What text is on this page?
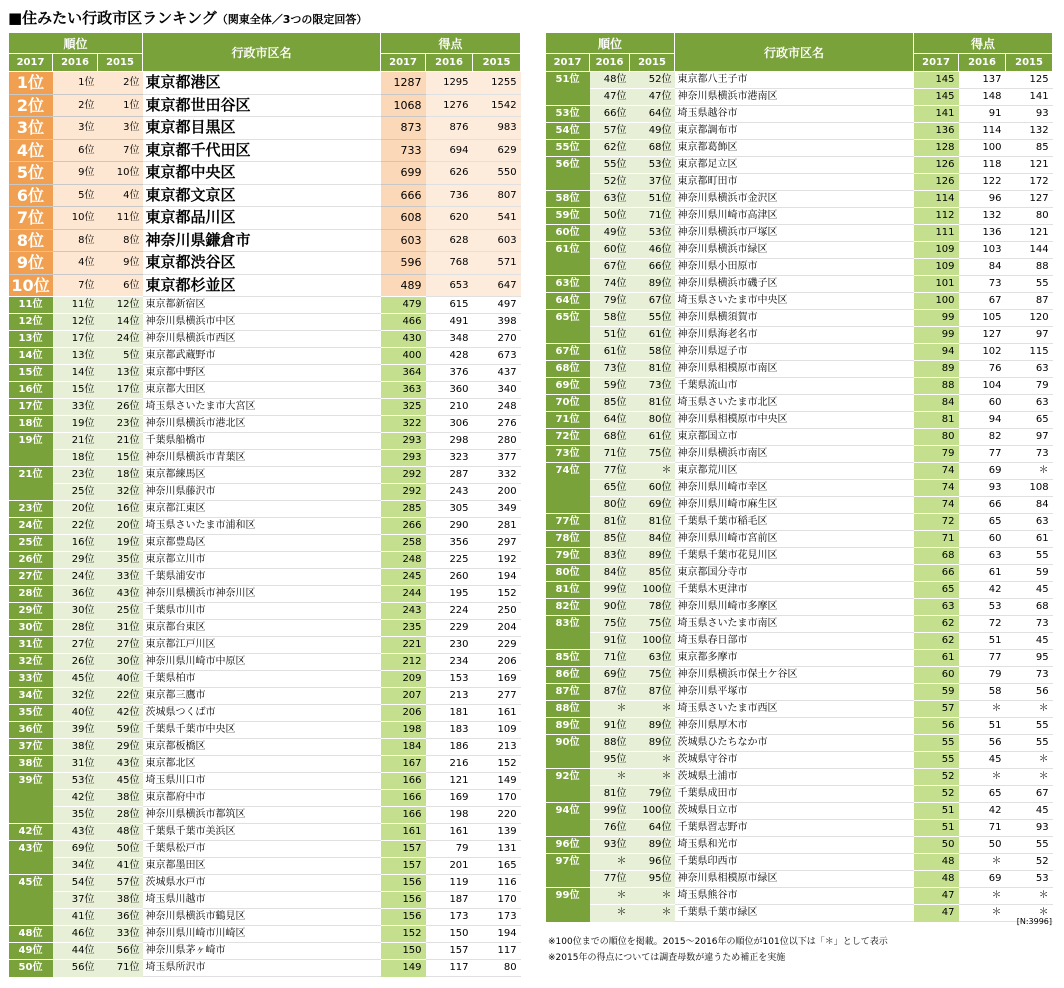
■住みたい行政市区ランキング（関東全体／3つの限定回答）
順位			行政市区名	得点		
2017	2016	2015		2017	2016	2015
1位	1位	2位	東京都港区	1287	1295	1255
2位	2位	1位	東京都世田谷区	1068	1276	1542
3位	3位	3位	東京都目黒区	873	876	983
4位	6位	7位	東京都千代田区	733	694	629
5位	9位	10位	東京都中央区	699	626	550
6位	5位	4位	東京都文京区	666	736	807
7位	10位	11位	東京都品川区	608	620	541
8位	8位	8位	神奈川県鎌倉市	603	628	603
9位	4位	9位	東京都渋谷区	596	768	571
10位	7位	6位	東京都杉並区	489	653	647
11位	11位	12位	東京都新宿区	479	615	497
12位	12位	14位	神奈川県横浜市中区	466	491	398
13位	17位	24位	神奈川県横浜市西区	430	348	270
14位	13位	5位	東京都武蔵野市	400	428	673
15位	14位	13位	東京都中野区	364	376	437
16位	15位	17位	東京都大田区	363	360	340
17位	33位	26位	埼玉県さいたま市大宮区	325	210	248
18位	19位	23位	神奈川県横浜市港北区	322	306	276
19位	21位	21位	千葉県船橋市	293	298	280
	18位	15位	神奈川県横浜市青葉区	293	323	377
21位	23位	18位	東京都練馬区	292	287	332
	25位	32位	神奈川県藤沢市	292	243	200
23位	20位	16位	東京都江東区	285	305	349
24位	22位	20位	埼玉県さいたま市浦和区	266	290	281
25位	16位	19位	東京都豊島区	258	356	297
26位	29位	35位	東京都立川市	248	225	192
27位	24位	33位	千葉県浦安市	245	260	194
28位	36位	43位	神奈川県横浜市神奈川区	244	195	152
29位	30位	25位	千葉県市川市	243	224	250
30位	28位	31位	東京都台東区	235	229	204
31位	27位	27位	東京都江戸川区	221	230	229
32位	26位	30位	神奈川県川崎市中原区	212	234	206
33位	45位	40位	千葉県柏市	209	153	169
34位	32位	22位	東京都三鷹市	207	213	277
35位	40位	42位	茨城県つくば市	206	181	161
36位	39位	59位	千葉県千葉市中央区	198	183	109
37位	38位	29位	東京都板橋区	184	186	213
38位	31位	43位	東京都北区	167	216	152
39位	53位	45位	埼玉県川口市	166	121	149
	42位	38位	東京都府中市	166	169	170
	35位	28位	神奈川県横浜市都筑区	166	198	220
42位	43位	48位	千葉県千葉市美浜区	161	161	139
43位	69位	50位	千葉県松戸市	157	79	131
	34位	41位	東京都墨田区	157	201	165
45位	54位	57位	茨城県水戸市	156	119	116
	37位	38位	埼玉県川越市	156	187	170
	41位	36位	神奈川県横浜市鶴見区	156	173	173
48位	46位	33位	神奈川県川崎市川崎区	152	150	194
49位	44位	56位	神奈川県茅ヶ崎市	150	157	117
50位	56位	71位	埼玉県所沢市	149	117	80
順位			行政市区名	得点		
2017	2016	2015		2017	2016	2015
51位	48位	52位	東京都八王子市	145	137	125
	47位	47位	神奈川県横浜市港南区	145	148	141
53位	66位	64位	埼玉県越谷市	141	91	93
54位	57位	49位	東京都調布市	136	114	132
55位	62位	68位	東京都葛飾区	128	100	85
56位	55位	53位	東京都足立区	126	118	121
	52位	37位	東京都町田市	126	122	172
58位	63位	51位	神奈川県横浜市金沢区	114	96	127
59位	50位	71位	神奈川県川崎市高津区	112	132	80
60位	49位	53位	神奈川県横浜市戸塚区	111	136	121
61位	60位	46位	神奈川県横浜市緑区	109	103	144
	67位	66位	神奈川県小田原市	109	84	88
63位	74位	89位	神奈川県横浜市磯子区	101	73	55
64位	79位	67位	埼玉県さいたま市中央区	100	67	87
65位	58位	55位	神奈川県横須賀市	99	105	120
	51位	61位	神奈川県海老名市	99	127	97
67位	61位	58位	神奈川県逗子市	94	102	115
68位	73位	81位	神奈川県相模原市南区	89	76	63
69位	59位	73位	千葉県流山市	88	104	79
70位	85位	81位	埼玉県さいたま市北区	84	60	63
71位	64位	80位	神奈川県相模原市中央区	81	94	65
72位	68位	61位	東京都国立市	80	82	97
73位	71位	75位	神奈川県横浜市南区	79	77	73
74位	77位	＊	東京都荒川区	74	69	＊
	65位	60位	神奈川県川崎市幸区	74	93	108
	80位	69位	神奈川県川崎市麻生区	74	66	84
77位	81位	81位	千葉県千葉市稲毛区	72	65	63
78位	85位	84位	神奈川県川崎市宮前区	71	60	61
79位	83位	89位	千葉県千葉市花見川区	68	63	55
80位	84位	85位	東京都国分寺市	66	61	59
81位	99位	100位	千葉県木更津市	65	42	45
82位	90位	78位	神奈川県川崎市多摩区	63	53	68
83位	75位	75位	埼玉県さいたま市南区	62	72	73
	91位	100位	埼玉県春日部市	62	51	45
85位	71位	63位	東京都多摩市	61	77	95
86位	69位	75位	神奈川県横浜市保土ケ谷区	60	79	73
87位	87位	87位	神奈川県平塚市	59	58	56
88位	＊	＊	埼玉県さいたま市西区	57	＊	＊
89位	91位	89位	神奈川県厚木市	56	51	55
90位	88位	89位	茨城県ひたちなか市	55	56	55
	95位	＊	茨城県守谷市	55	45	＊
92位	＊	＊	茨城県土浦市	52	＊	＊
	81位	79位	千葉県成田市	52	65	67
94位	99位	100位	茨城県日立市	51	42	45
	76位	64位	千葉県習志野市	51	71	93
96位	93位	89位	埼玉県和光市	50	50	55
97位	＊	96位	千葉県印西市	48	＊	52
	77位	95位	神奈川県相模原市緑区	48	69	53
99位	＊	＊	埼玉県熊谷市	47	＊	＊
	＊	＊	千葉県千葉市緑区	47	＊	＊
[N:3996]
※100位までの順位を掲載。2015～2016年の順位が101位以下は「＊」として表示
※2015年の得点については調査母数が違うため補正を実施
